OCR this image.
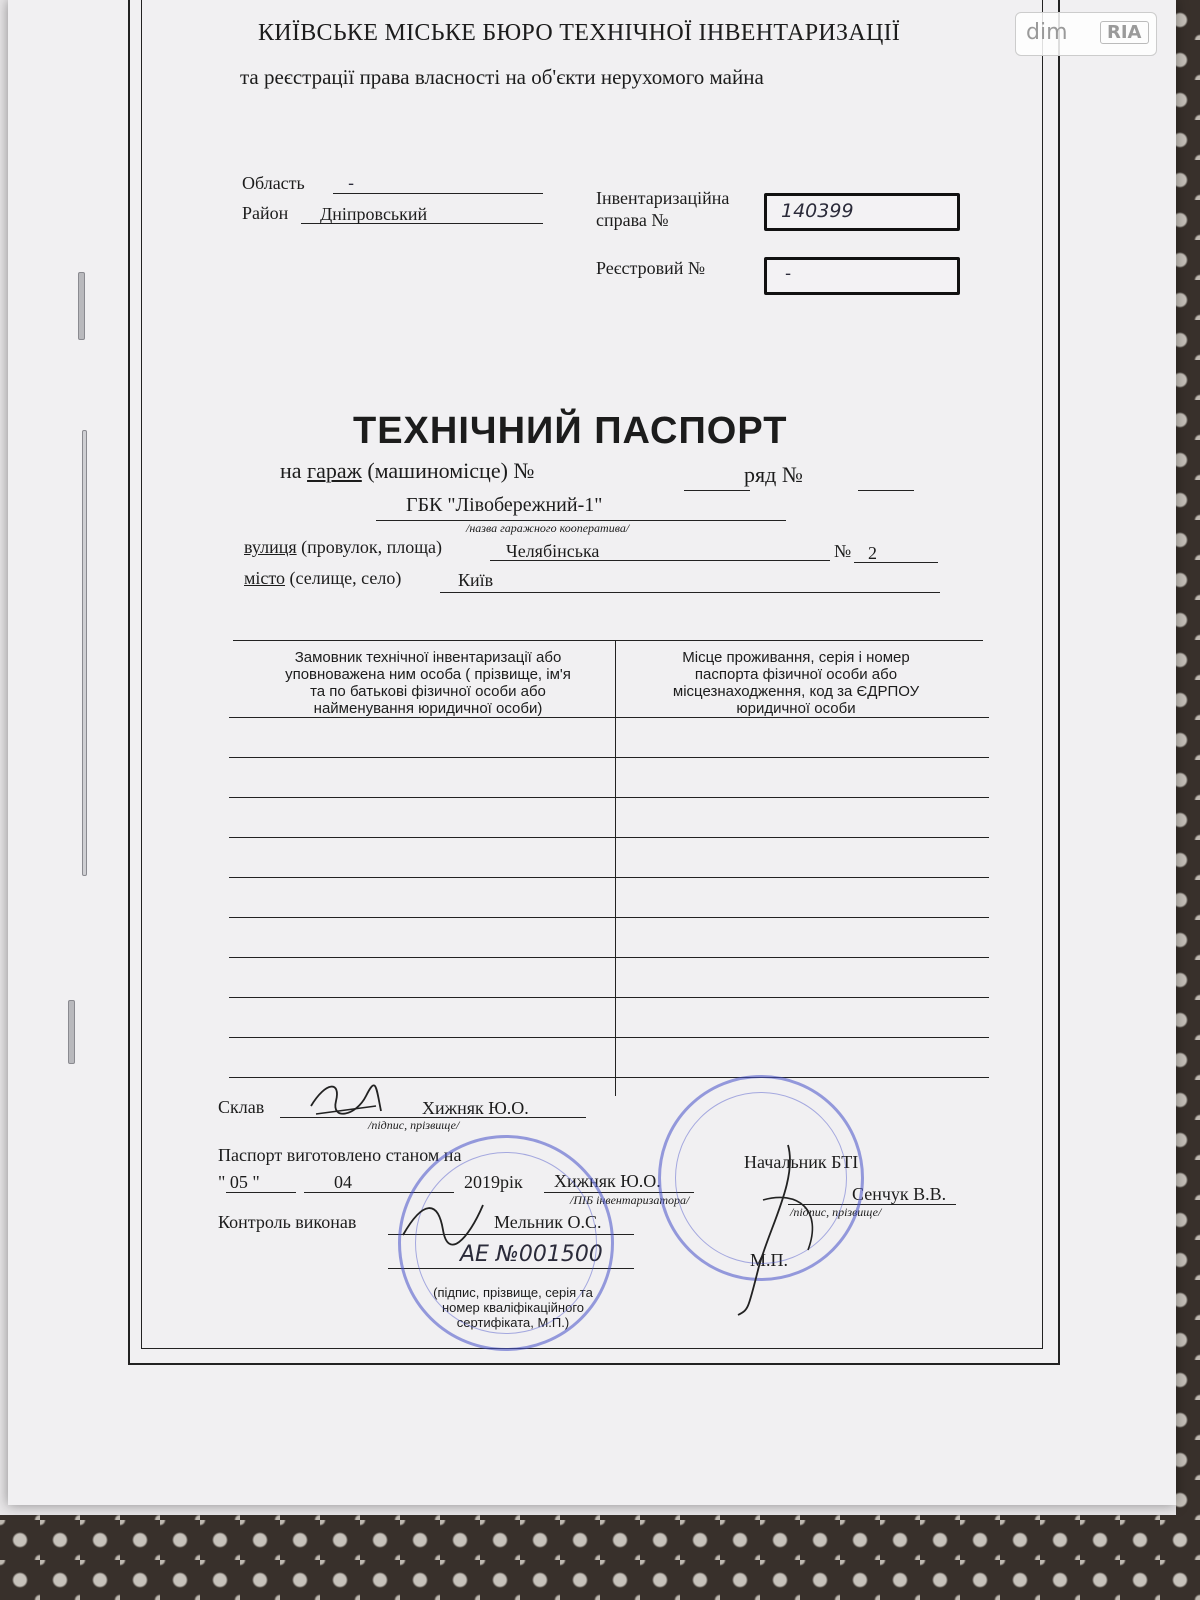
КИЇВСЬКЕ МІСЬКЕ БЮРО ТЕХНІЧНОЇ ІНВЕНТАРИЗАЦІЇ
та реєстрації права власності на об'єкти нерухомого майна
Область	-
Район Дніпровський
Інвентаризаційна
справа №	140399
Реєстровий №	-
ТЕХНІЧНИЙ ПАСПОРТ
на гараж (машиномісце) №	ряд №
ГБК "Лівобережний-1"
/назва гаражного кооператива/
вулиця (провулок, площа)	Челябінська	№ 2
місто (селище, село)	Київ
Замовник технічної інвентаризації або
уповноважена ним особа ( прізвище, ім'я
та по батькові фізичної особи або
найменування юридичної особи)
Місце проживання, серія і номер
паспорта фізичної особи або
місцезнаходження, код за ЄДРПОУ
юридичної особи
Склав	Хижняк Ю.О.
/підпис, прізвище/
Паспорт виготовлено станом на
" 05 "	04	2019рік Хижняк Ю.О.
/ПІБ інвентаризатора/
Контроль виконав	Мельник О.С.
АЕ №001500
(підпис, прізвище, серія та
номер кваліфікаційного
сертифіката, М.П.)
Начальник БТІ
Сенчук В.В.
/підпис, прізвище/
М.П.
dim	RIA
